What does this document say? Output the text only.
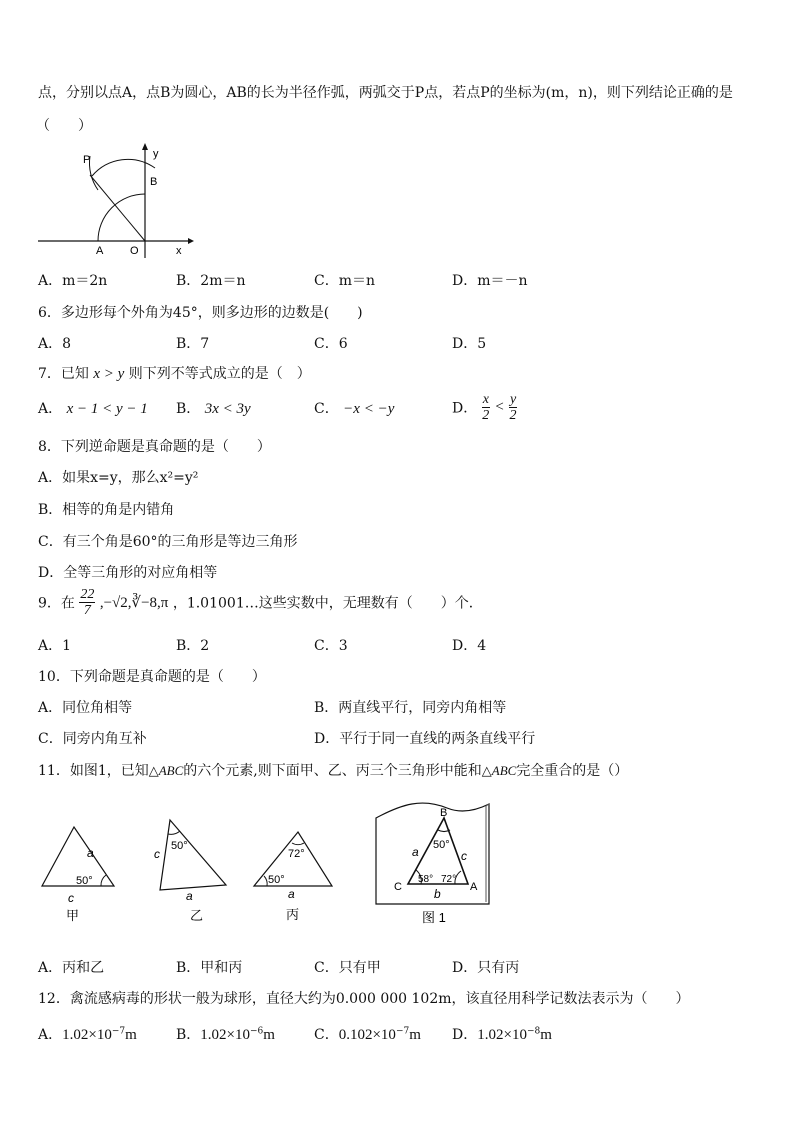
点，分别以点A，点B为圆心，AB的长为半径作弧，两弧交于P点，若点P的坐标为(m，n)，则下列结论正确的是
（　　）
P	y
B
A O	x
A．m＝2n	B．2m＝n	C．m＝n	D．m＝－n
6．多边形每个外角为45°，则多边形的边数是(　　)
A．8	B．7	C．6	D．5
7．已知 x > y 则下列不等式成立的是（　）
A． x − 1 < y − 1 B． 3x < 3y	C． −x < −y	D． $\frac{x}{2} < \frac{y}{2}$
8．下列逆命题是真命题的是（　　）
A．如果x=y，那么x²=y²
B．相等的角是内错角
C．有三个角是60°的三角形是等边三角形
D．全等三角形的对应角相等
9．在 $\frac{22}{7}$ ,−√2,∛−8,π ，1.01001…这些实数中，无理数有（　　）个．
A．1	B．2	C．3	D．4
10．下列命题是真命题的是（　　）
A．同位角相等	B．两直线平行，同旁内角相等
C．同旁内角互补	D．平行于同一直线的两条直线平行
11．如图1，已知△ABC的六个元素,则下面甲、乙、丙三个三角形中能和△ABC完全重合的是（）
a
50°
c
甲
50°
c
a
乙
72°
50°
a
丙
B
50°
a	c
C
58° 72°
A
b
图 1
A．丙和乙	B．甲和丙	C．只有甲	D．只有丙
12．禽流感病毒的形状一般为球形，直径大约为0.000 000 102m，该直径用科学记数法表示为（　　）
A．$1.02\times 10^{-7}m$	B．$1.02\times 10^{-6}m$	C．$0.102\times 10^{-7}m$ D．$1.02\times 10^{-8}m$
